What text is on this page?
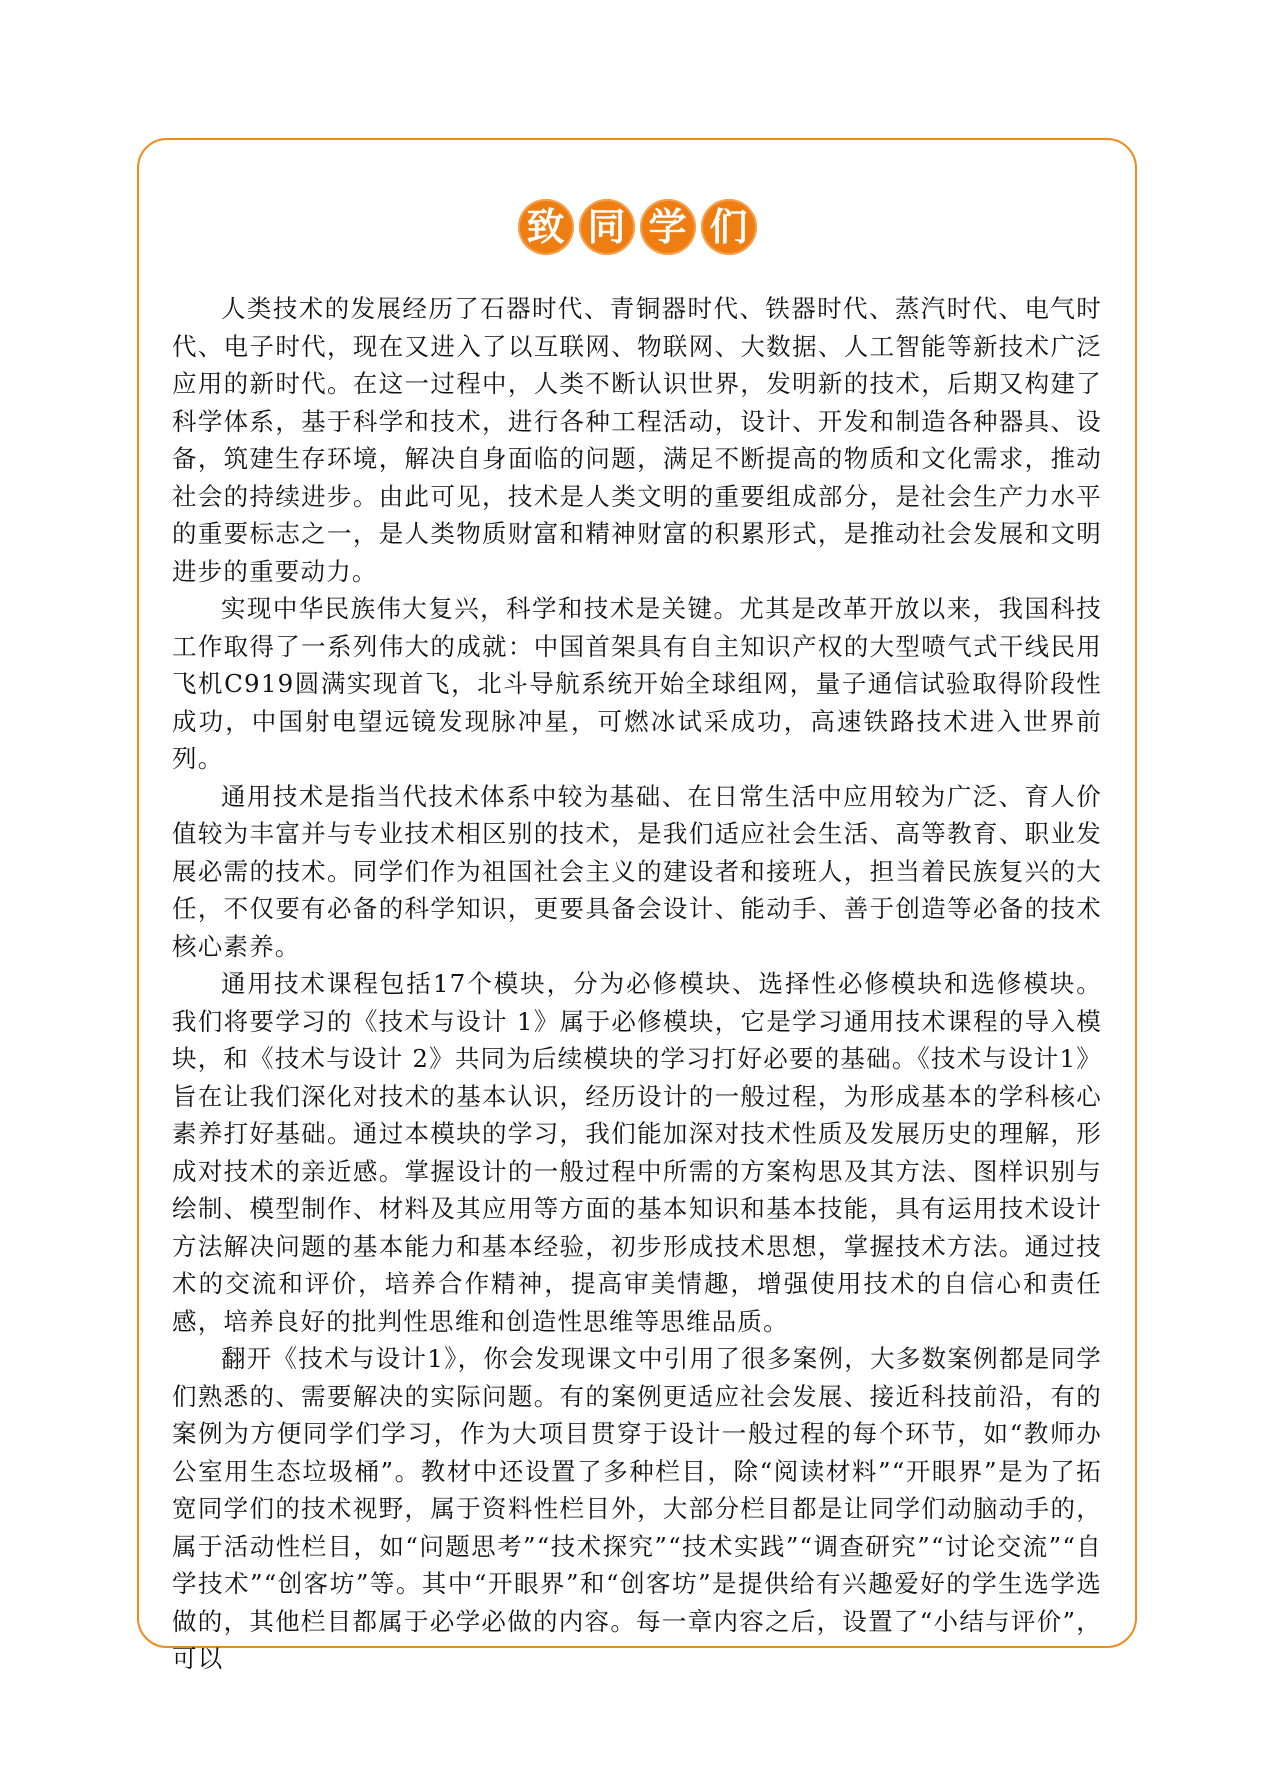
致 同 学 们

人类技术的发展经历了石器时代、青铜器时代、铁器时代、蒸汽时代、电气时代、电子时代，现在又进入了以互联网、物联网、大数据、人工智能等新技术广泛应用的新时代。在这一过程中，人类不断认识世界，发明新的技术，后期又构建了科学体系，基于科学和技术，进行各种工程活动，设计、开发和制造各种器具、设备，筑建生存环境，解决自身面临的问题，满足不断提高的物质和文化需求，推动社会的持续进步。由此可见，技术是人类文明的重要组成部分，是社会生产力水平的重要标志之一，是人类物质财富和精神财富的积累形式，是推动社会发展和文明进步的重要动力。

实现中华民族伟大复兴，科学和技术是关键。尤其是改革开放以来，我国科技工作取得了一系列伟大的成就：中国首架具有自主知识产权的大型喷气式干线民用飞机C919圆满实现首飞，北斗导航系统开始全球组网，量子通信试验取得阶段性成功，中国射电望远镜发现脉冲星，可燃冰试采成功，高速铁路技术进入世界前列。

通用技术是指当代技术体系中较为基础、在日常生活中应用较为广泛、育人价值较为丰富并与专业技术相区别的技术，是我们适应社会生活、高等教育、职业发展必需的技术。同学们作为祖国社会主义的建设者和接班人，担当着民族复兴的大任，不仅要有必备的科学知识，更要具备会设计、能动手、善于创造等必备的技术核心素养。

通用技术课程包括17个模块，分为必修模块、选择性必修模块和选修模块。我们将要学习的《技术与设计 1》属于必修模块，它是学习通用技术课程的导入模块，和《技术与设计 2》共同为后续模块的学习打好必要的基础。《技术与设计1》旨在让我们深化对技术的基本认识，经历设计的一般过程，为形成基本的学科核心素养打好基础。通过本模块的学习，我们能加深对技术性质及发展历史的理解，形成对技术的亲近感。掌握设计的一般过程中所需的方案构思及其方法、图样识别与绘制、模型制作、材料及其应用等方面的基本知识和基本技能，具有运用技术设计方法解决问题的基本能力和基本经验，初步形成技术思想，掌握技术方法。通过技术的交流和评价，培养合作精神，提高审美情趣，增强使用技术的自信心和责任感，培养良好的批判性思维和创造性思维等思维品质。

翻开《技术与设计1》，你会发现课文中引用了很多案例，大多数案例都是同学们熟悉的、需要解决的实际问题。有的案例更适应社会发展、接近科技前沿，有的案例为方便同学们学习，作为大项目贯穿于设计一般过程的每个环节，如“教师办公室用生态垃圾桶”。教材中还设置了多种栏目，除“阅读材料”“开眼界”是为了拓宽同学们的技术视野，属于资料性栏目外，大部分栏目都是让同学们动脑动手的，属于活动性栏目，如“问题思考”“技术探究”“技术实践”“调查研究”“讨论交流”“自学技术”“创客坊”等。其中“开眼界”和“创客坊”是提供给有兴趣爱好的学生选学选做的，其他栏目都属于必学必做的内容。每一章内容之后，设置了“小结与评价”，可以
